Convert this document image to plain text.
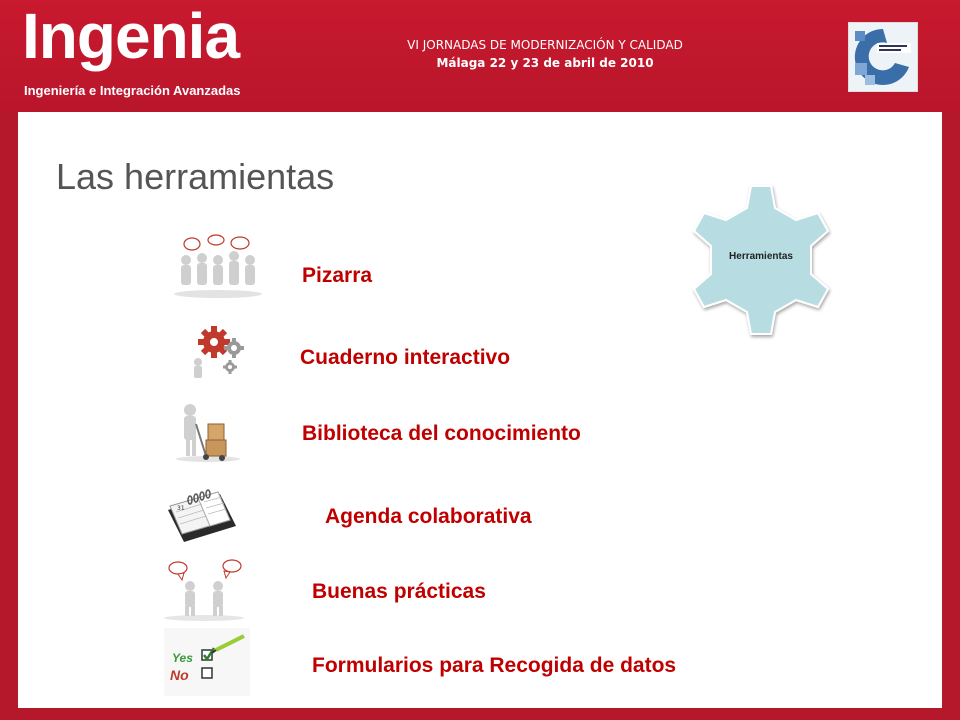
Ingenia
Ingeniería e Integración Avanzadas
VI JORNADAS DE MODERNIZACIÓN Y CALIDAD
Málaga 22 y 23 de abril de 2010
Las herramientas
Herramientas
Pizarra
Cuaderno interactivo
Biblioteca del conocimiento
31	Agenda colaborativa
Buenas prácticas
Yes
No	Formularios para Recogida de datos
